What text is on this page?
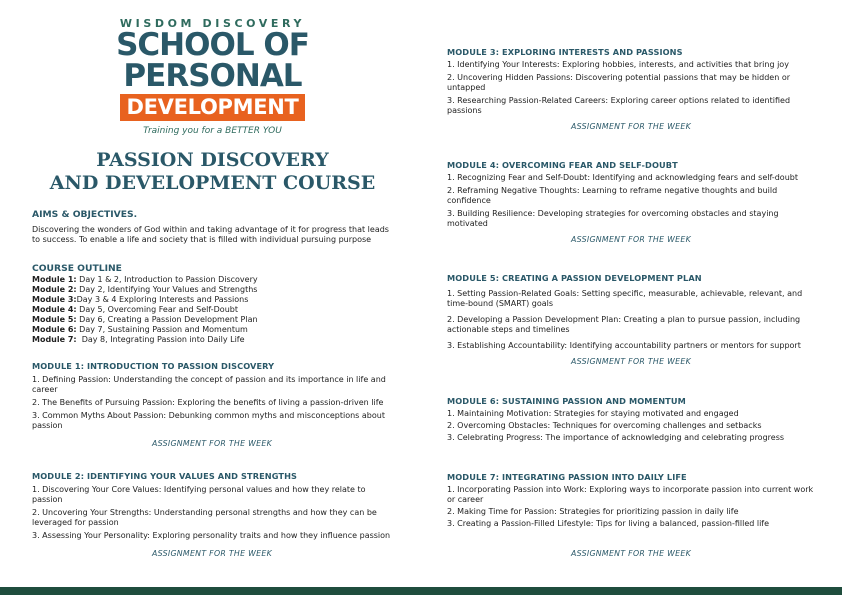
WISDOM DISCOVERY
SCHOOL OF
PERSONAL
DEVELOPMENT
Training you for a BETTER YOU
PASSION DISCOVERY
AND DEVELOPMENT COURSE
AIMS & OBJECTIVES.
Discovering the wonders of God within and taking advantage of it for progress that leads to success. To enable a life and society that is filled with individual pursuing purpose
COURSE OUTLINE
Module 1: Day 1 & 2, Introduction to Passion Discovery
Module 2: Day 2, Identifying Your Values and Strengths
Module 3:Day 3 & 4 Exploring Interests and Passions
Module 4: Day 5, Overcoming Fear and Self-Doubt
Module 5: Day 6, Creating a Passion Development Plan
Module 6: Day 7, Sustaining Passion and Momentum
Module 7:  Day 8, Integrating Passion into Daily Life
MODULE 1: INTRODUCTION TO PASSION DISCOVERY
1. Defining Passion: Understanding the concept of passion and its importance in life and career
2. The Benefits of Pursuing Passion: Exploring the benefits of living a passion-driven life
3. Common Myths About Passion: Debunking common myths and misconceptions about passion
ASSIGNMENT FOR THE WEEK
MODULE 2: IDENTIFYING YOUR VALUES AND STRENGTHS
1. Discovering Your Core Values: Identifying personal values and how they relate to passion
2. Uncovering Your Strengths: Understanding personal strengths and how they can be leveraged for passion
3. Assessing Your Personality: Exploring personality traits and how they influence passion
ASSIGNMENT FOR THE WEEK
MODULE 3: EXPLORING INTERESTS AND PASSIONS
1. Identifying Your Interests: Exploring hobbies, interests, and activities that bring joy
2. Uncovering Hidden Passions: Discovering potential passions that may be hidden or untapped
3. Researching Passion-Related Careers: Exploring career options related to identified passions
ASSIGNMENT FOR THE WEEK
MODULE 4: OVERCOMING FEAR AND SELF-DOUBT
1. Recognizing Fear and Self-Doubt: Identifying and acknowledging fears and self-doubt
2. Reframing Negative Thoughts: Learning to reframe negative thoughts and build confidence
3. Building Resilience: Developing strategies for overcoming obstacles and staying motivated
ASSIGNMENT FOR THE WEEK
MODULE 5: CREATING A PASSION DEVELOPMENT PLAN
1. Setting Passion-Related Goals: Setting specific, measurable, achievable, relevant, and time-bound (SMART) goals
2. Developing a Passion Development Plan: Creating a plan to pursue passion, including actionable steps and timelines
3. Establishing Accountability: Identifying accountability partners or mentors for support
ASSIGNMENT FOR THE WEEK
MODULE 6: SUSTAINING PASSION AND MOMENTUM
1. Maintaining Motivation: Strategies for staying motivated and engaged
2. Overcoming Obstacles: Techniques for overcoming challenges and setbacks
3. Celebrating Progress: The importance of acknowledging and celebrating progress
MODULE 7: INTEGRATING PASSION INTO DAILY LIFE
1. Incorporating Passion into Work: Exploring ways to incorporate passion into current work or career
2. Making Time for Passion: Strategies for prioritizing passion in daily life
3. Creating a Passion-Filled Lifestyle: Tips for living a balanced, passion-filled life
ASSIGNMENT FOR THE WEEK
